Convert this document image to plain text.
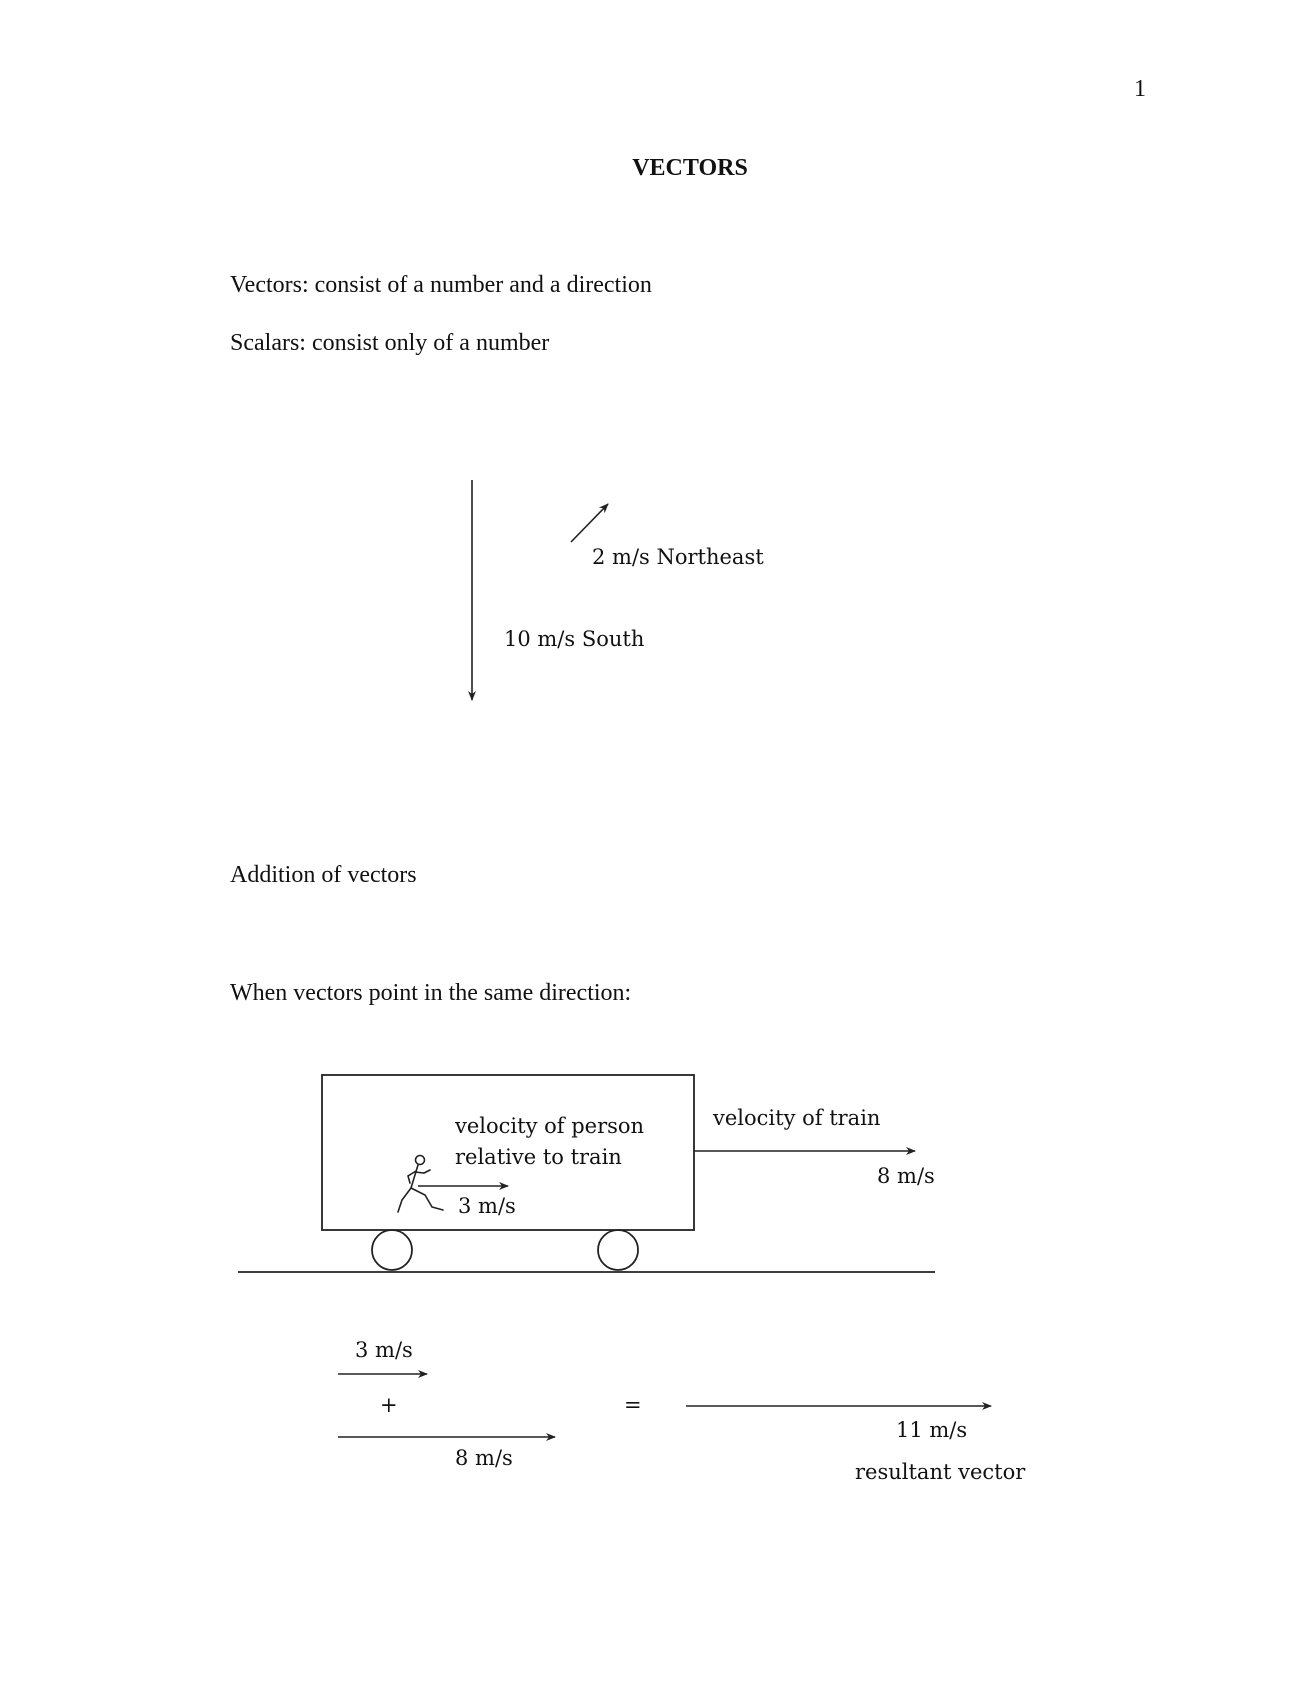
1
VECTORS
Vectors: consist of a number and a direction
Scalars: consist only of a number
2 m/s Northeast
10 m/s South
Addition of vectors
When vectors point in the same direction:
velocity of person
relative to train
3 m/s
velocity of train
8 m/s
3 m/s
+
8 m/s
=
11 m/s
resultant vector
